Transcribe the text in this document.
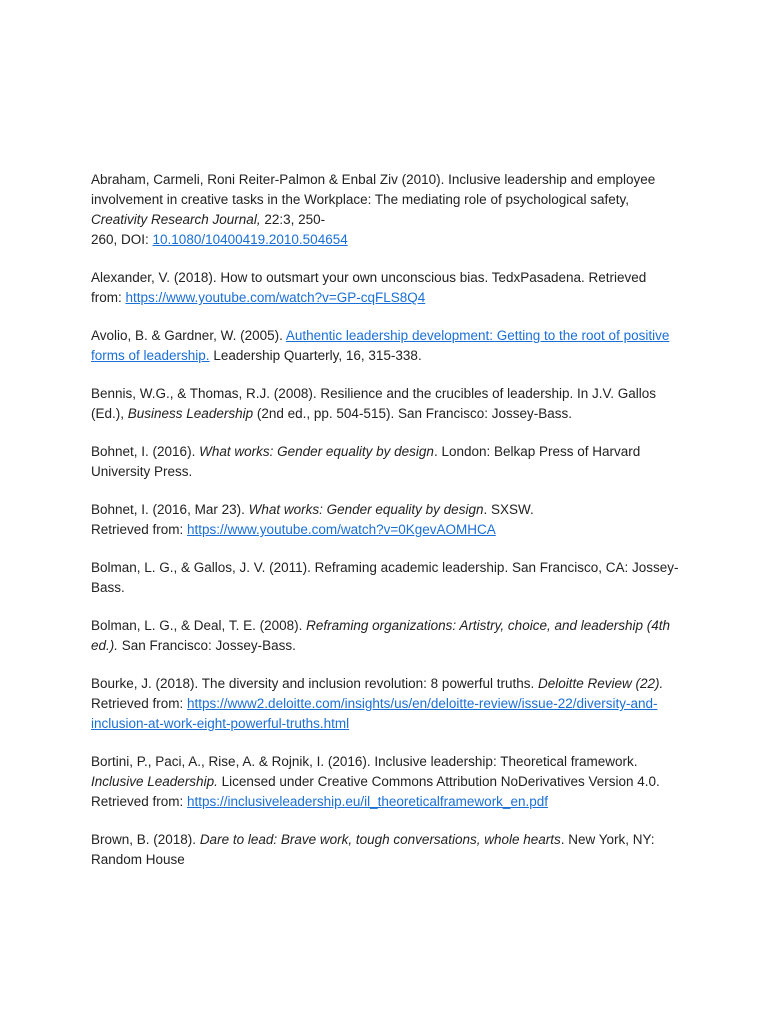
Abraham, Carmeli, Roni Reiter-Palmon & Enbal Ziv (2010). Inclusive leadership and employee involvement in creative tasks in the Workplace: The mediating role of psychological safety, Creativity Research Journal, 22:3, 250-
260, DOI: 10.1080/10400419.2010.504654

Alexander, V. (2018). How to outsmart your own unconscious bias. TedxPasadena. Retrieved from: https://www.youtube.com/watch?v=GP-cqFLS8Q4

Avolio, B. & Gardner, W. (2005). Authentic leadership development: Getting to the root of positive forms of leadership. Leadership Quarterly, 16, 315-338.

Bennis, W.G., & Thomas, R.J. (2008). Resilience and the crucibles of leadership. In J.V. Gallos (Ed.), Business Leadership (2nd ed., pp. 504-515). San Francisco: Jossey-Bass.

Bohnet, I. (2016). What works: Gender equality by design. London: Belkap Press of Harvard University Press.

Bohnet, I. (2016, Mar 23). What works: Gender equality by design. SXSW.
Retrieved from: https://www.youtube.com/watch?v=0KgevAOMHCA

Bolman, L. G., & Gallos, J. V. (2011). Reframing academic leadership. San Francisco, CA: Jossey-Bass.

Bolman, L. G., & Deal, T. E. (2008). Reframing organizations: Artistry, choice, and leadership (4th ed.). San Francisco: Jossey-Bass.

Bourke, J. (2018). The diversity and inclusion revolution: 8 powerful truths. Deloitte Review (22).
Retrieved from: https://www2.deloitte.com/insights/us/en/deloitte-review/issue-22/diversity-and-inclusion-at-work-eight-powerful-truths.html

Bortini, P., Paci, A., Rise, A. & Rojnik, I. (2016). Inclusive leadership: Theoretical framework. Inclusive Leadership. Licensed under Creative Commons Attribution NoDerivatives Version 4.0.
Retrieved from: https://inclusiveleadership.eu/il_theoreticalframework_en.pdf

Brown, B. (2018). Dare to lead: Brave work, tough conversations, whole hearts. New York, NY: Random House
